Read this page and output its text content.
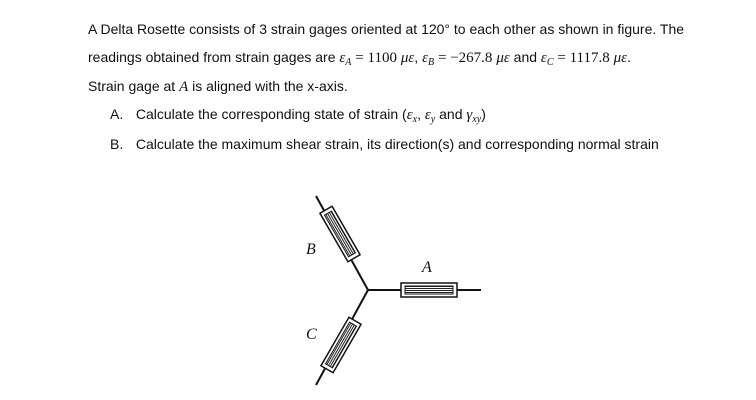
A Delta Rosette consists of 3 strain gages oriented at 120° to each other as shown in figure. The
readings obtained from strain gages are $\varepsilon_A = 1100$ με, $\varepsilon_B = -267.8$ με and $\varepsilon_C = 1117.8$ με.
Strain gage at A is aligned with the x-axis.
A. Calculate the corresponding state of strain ($\varepsilon_x$, $\varepsilon_y$ and $\gamma_{xy}$)
B. Calculate the maximum shear strain, its direction(s) and corresponding normal strain
A
B
C
